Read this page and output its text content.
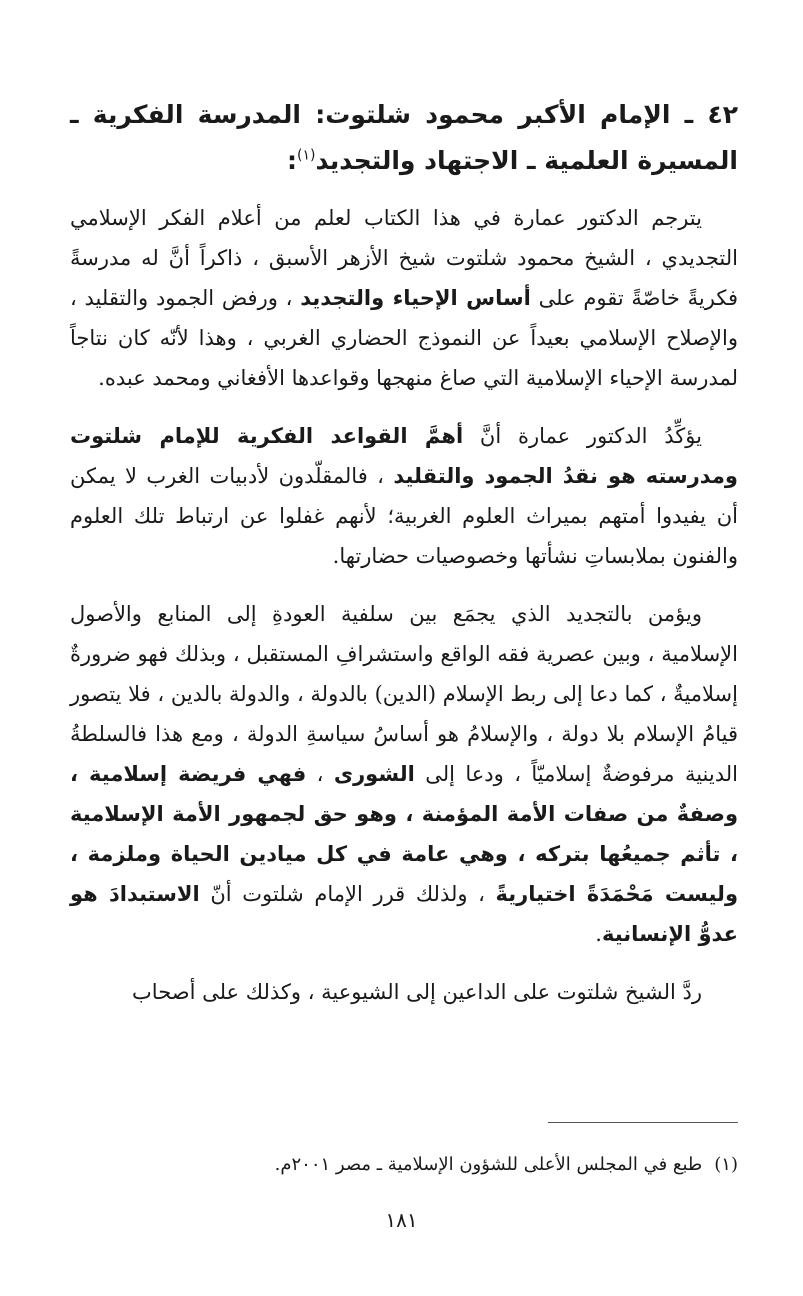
٤٢ ـ الإمام الأكبر محمود شلتوت: المدرسة الفكرية ـ المسيرة العلمية ـ الاجتهاد والتجديد$^{(١)}$:

يترجم الدكتور عمارة في هذا الكتاب لعلم من أعلام الفكر الإسلامي التجديدي ، الشيخ محمود شلتوت شيخ الأزهر الأسبق ، ذاكراً أنَّ له مدرسةً فكريةً خاصّةً تقوم على أساس الإحياء والتجديد ، ورفض الجمود والتقليد ، والإصلاح الإسلامي بعيداً عن النموذج الحضاري الغربي ، وهذا لأنّه كان نتاجاً لمدرسة الإحياء الإسلامية التي صاغ منهجها وقواعدها الأفغاني ومحمد عبده.

يؤكِّدُ الدكتور عمارة أنَّ أهمَّ القواعد الفكرية للإمام شلتوت ومدرسته هو نقدُ الجمود والتقليد ، فالمقلّدون لأدبيات الغرب لا يمكن أن يفيدوا أمتهم بميراث العلوم الغربية؛ لأنهم غفلوا عن ارتباط تلك العلوم والفنون بملابساتِ نشأتها وخصوصيات حضارتها.

ويؤمن بالتجديد الذي يجمَع بين سلفية العودةِ إلى المنابع والأصول الإسلامية ، وبين عصرية فقه الواقع واستشرافِ المستقبل ، وبذلك فهو ضرورةٌ إسلاميةٌ ، كما دعا إلى ربط الإسلام (الدين) بالدولة ، والدولة بالدين ، فلا يتصور قيامُ الإسلام بلا دولة ، والإسلامُ هو أساسُ سياسةِ الدولة ، ومع هذا فالسلطةُ الدينية مرفوضةٌ إسلاميّاً ، ودعا إلى الشورى ، فهي فريضة إسلامية ، وصفةٌ من صفات الأمة المؤمنة ، وهو حق لجمهور الأمة الإسلامية ، تأثم جميعُها بتركه ، وهي عامة في كل ميادين الحياة وملزمة ، وليست مَحْمَدَةً اختياريةً ، ولذلك قرر الإمام شلتوت أنّ الاستبدادَ هو عدوُّ الإنسانية.

ردَّ الشيخ شلتوت على الداعين إلى الشيوعية ، وكذلك على أصحاب

(١)طبع في المجلس الأعلى للشؤون الإسلامية ـ مصر ٢٠٠١م.
١٨١
